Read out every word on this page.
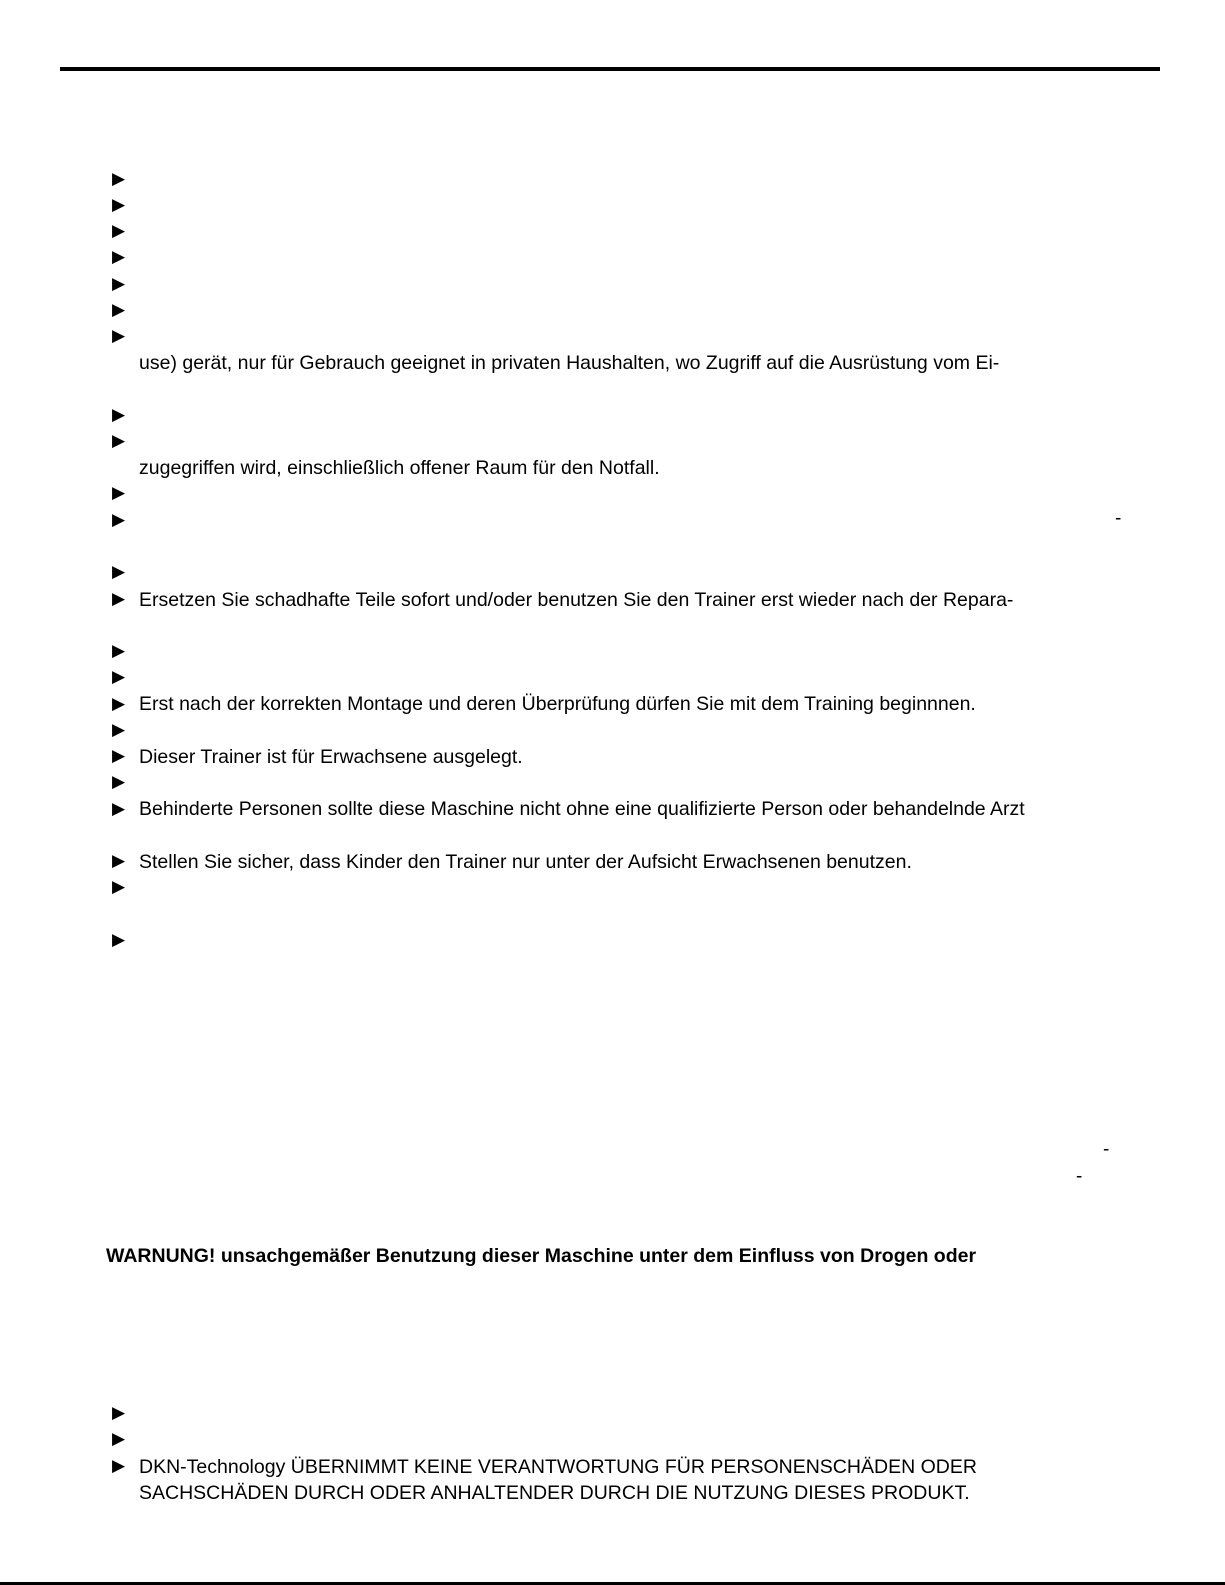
▶
▶
▶
▶
▶
▶
▶
▶
▶
▶
▶
▶
▶
▶
▶
▶
▶
▶
▶
▶
▶
▶
▶
▶
▶
▶
use) gerät, nur für Gebrauch geeignet in privaten Haushalten, wo Zugriff auf die Ausrüstung vom Ei-
zugegriffen wird, einschließlich offener Raum für den Notfall.
Ersetzen Sie schadhafte Teile sofort und/oder benutzen Sie den Trainer erst wieder nach der Repara-
Erst nach der korrekten Montage und deren Überprüfung dürfen Sie mit dem Training beginnnen.
Dieser Trainer ist für Erwachsene ausgelegt.
Behinderte Personen sollte diese Maschine nicht ohne eine qualifizierte Person oder behandelnde Arzt
Stellen Sie sicher, dass Kinder den Trainer nur unter der Aufsicht Erwachsenen benutzen.
WARNUNG! unsachgemäßer Benutzung dieser Maschine unter dem Einfluss von Drogen oder
DKN-Technology ÜBERNIMMT KEINE VERANTWORTUNG FÜR PERSONENSCHÄDEN ODER
SACHSCHÄDEN DURCH ODER ANHALTENDER DURCH DIE NUTZUNG DIESES PRODUKT.
-
-
-
